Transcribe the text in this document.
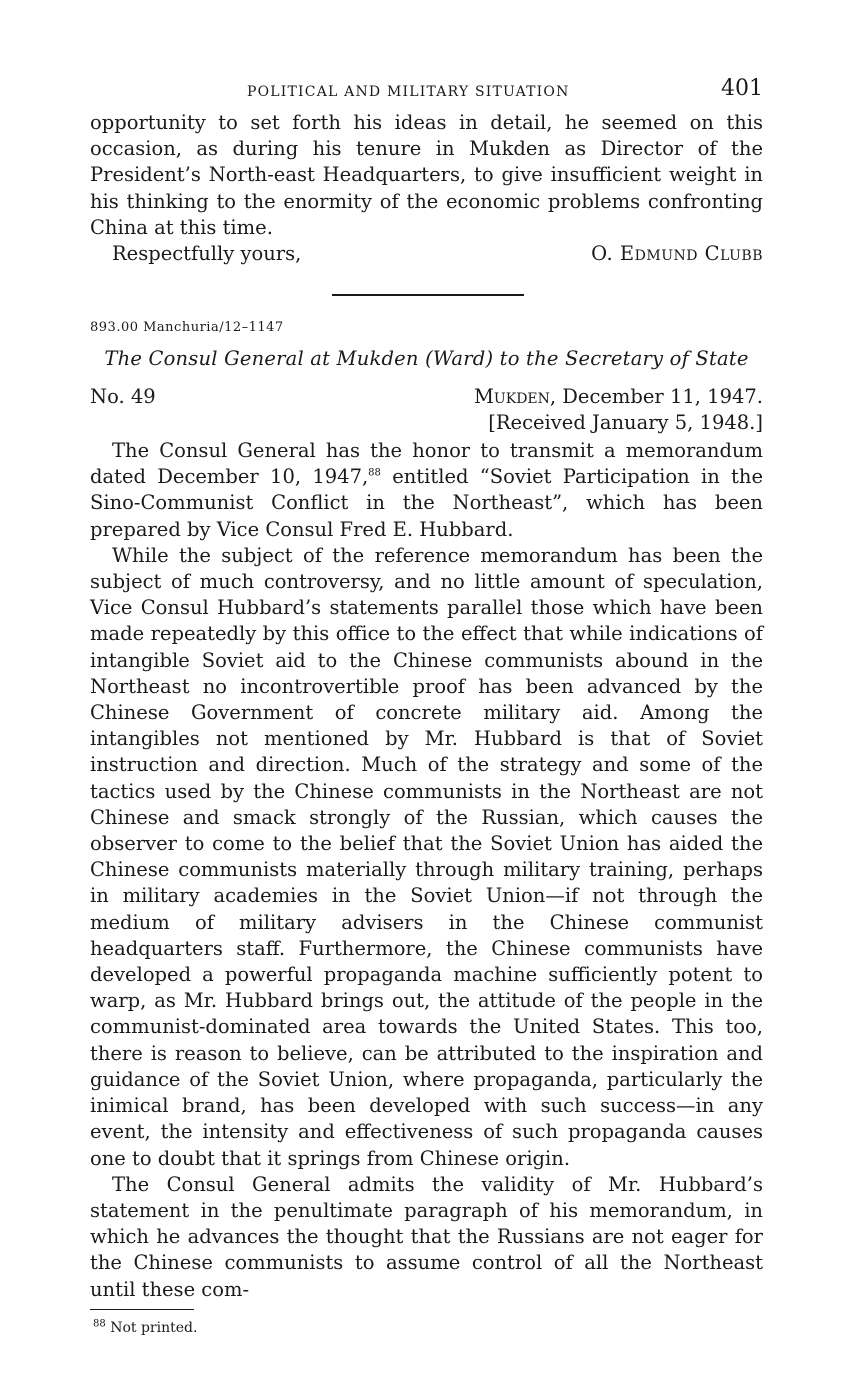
POLITICAL AND MILITARY SITUATION	401

opportunity to set forth his ideas in detail, he seemed on this occasion, as during his tenure in Mukden as Director of the President’s North-east Headquarters, to give insufficient weight in his thinking to the enormity of the economic problems confronting China at this time.

Respectfully yours,	O. Edmund Clubb
893.00 Manchuria/12–1147
The Consul General at Mukden (Ward) to the Secretary of State
No. 49	Mukden, December 11, 1947.
[Received January 5, 1948.]

The Consul General has the honor to transmit a memorandum dated December 10, 1947,88 entitled “Soviet Participation in the Sino-Communist Conflict in the Northeast”, which has been prepared by Vice Consul Fred E. Hubbard.

While the subject of the reference memorandum has been the subject of much controversy, and no little amount of speculation, Vice Consul Hubbard’s statements parallel those which have been made repeatedly by this office to the effect that while indications of intangible Soviet aid to the Chinese communists abound in the Northeast no incontrovertible proof has been advanced by the Chinese Government of concrete military aid. Among the intangibles not mentioned by Mr. Hubbard is that of Soviet instruction and direction. Much of the strategy and some of the tactics used by the Chinese communists in the Northeast are not Chinese and smack strongly of the Russian, which causes the observer to come to the belief that the Soviet Union has aided the Chinese communists materially through military training, perhaps in military academies in the Soviet Union—if not through the medium of military advisers in the Chinese communist headquarters staff. Furthermore, the Chinese communists have developed a powerful propaganda machine sufficiently potent to warp, as Mr. Hubbard brings out, the attitude of the people in the communist-dominated area towards the United States. This too, there is reason to believe, can be attributed to the inspiration and guidance of the Soviet Union, where propaganda, particularly the inimical brand, has been developed with such success—in any event, the intensity and effectiveness of such propaganda causes one to doubt that it springs from Chinese origin.

The Consul General admits the validity of Mr. Hubbard’s statement in the penultimate paragraph of his memorandum, in which he advances the thought that the Russians are not eager for the Chinese communists to assume control of all the Northeast until these com-

$^{88}$ Not printed.
